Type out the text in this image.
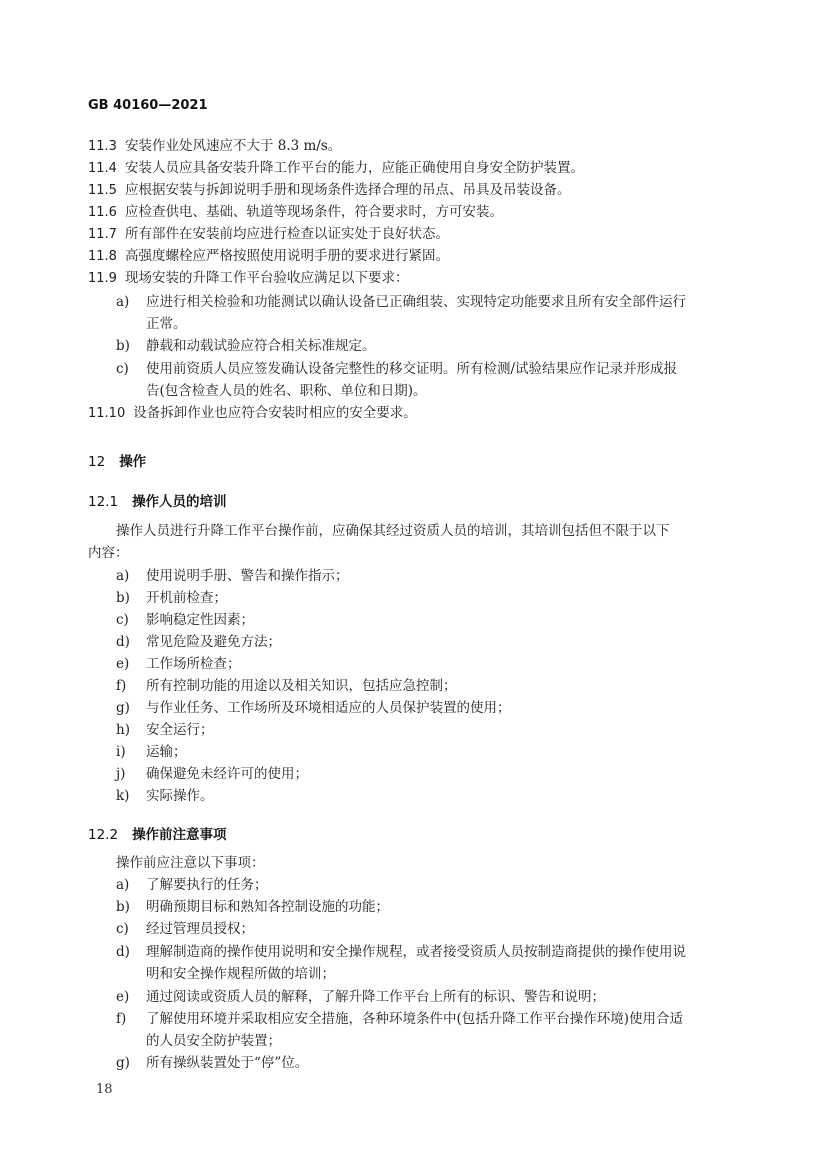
GB 40160—2021
11.3 安装作业处风速应不大于 8.3 m/s。
11.4 安装人员应具备安装升降工作平台的能力，应能正确使用自身安全防护装置。
11.5 应根据安装与拆卸说明手册和现场条件选择合理的吊点、吊具及吊装设备。
11.6 应检查供电、基础、轨道等现场条件，符合要求时，方可安装。
11.7 所有部件在安装前均应进行检查以证实处于良好状态。
11.8 高强度螺栓应严格按照使用说明手册的要求进行紧固。
11.9 现场安装的升降工作平台验收应满足以下要求：
a) 应进行相关检验和功能测试以确认设备已正确组装、实现特定功能要求且所有安全部件运行
正常。
b) 静载和动载试验应符合相关标准规定。
c) 使用前资质人员应签发确认设备完整性的移交证明。所有检测/试验结果应作记录并形成报
告(包含检查人员的姓名、职称、单位和日期)。
11.10 设备拆卸作业也应符合安装时相应的安全要求。
12 操作
12.1 操作人员的培训
操作人员进行升降工作平台操作前，应确保其经过资质人员的培训，其培训包括但不限于以下
内容：
a) 使用说明手册、警告和操作指示；
b) 开机前检查；
c) 影响稳定性因素；
d) 常见危险及避免方法；
e) 工作场所检查；
f) 所有控制功能的用途以及相关知识，包括应急控制；
g) 与作业任务、工作场所及环境相适应的人员保护装置的使用；
h) 安全运行；
i) 运输；
j) 确保避免未经许可的使用；
k) 实际操作。
12.2 操作前注意事项
操作前应注意以下事项：
a) 了解要执行的任务；
b) 明确预期目标和熟知各控制设施的功能；
c) 经过管理员授权；
d) 理解制造商的操作使用说明和安全操作规程，或者接受资质人员按制造商提供的操作使用说
明和安全操作规程所做的培训；
e) 通过阅读或资质人员的解释，了解升降工作平台上所有的标识、警告和说明；
f) 了解使用环境并采取相应安全措施，各种环境条件中(包括升降工作平台操作环境)使用合适
的人员安全防护装置；
g) 所有操纵装置处于“停”位。
18
